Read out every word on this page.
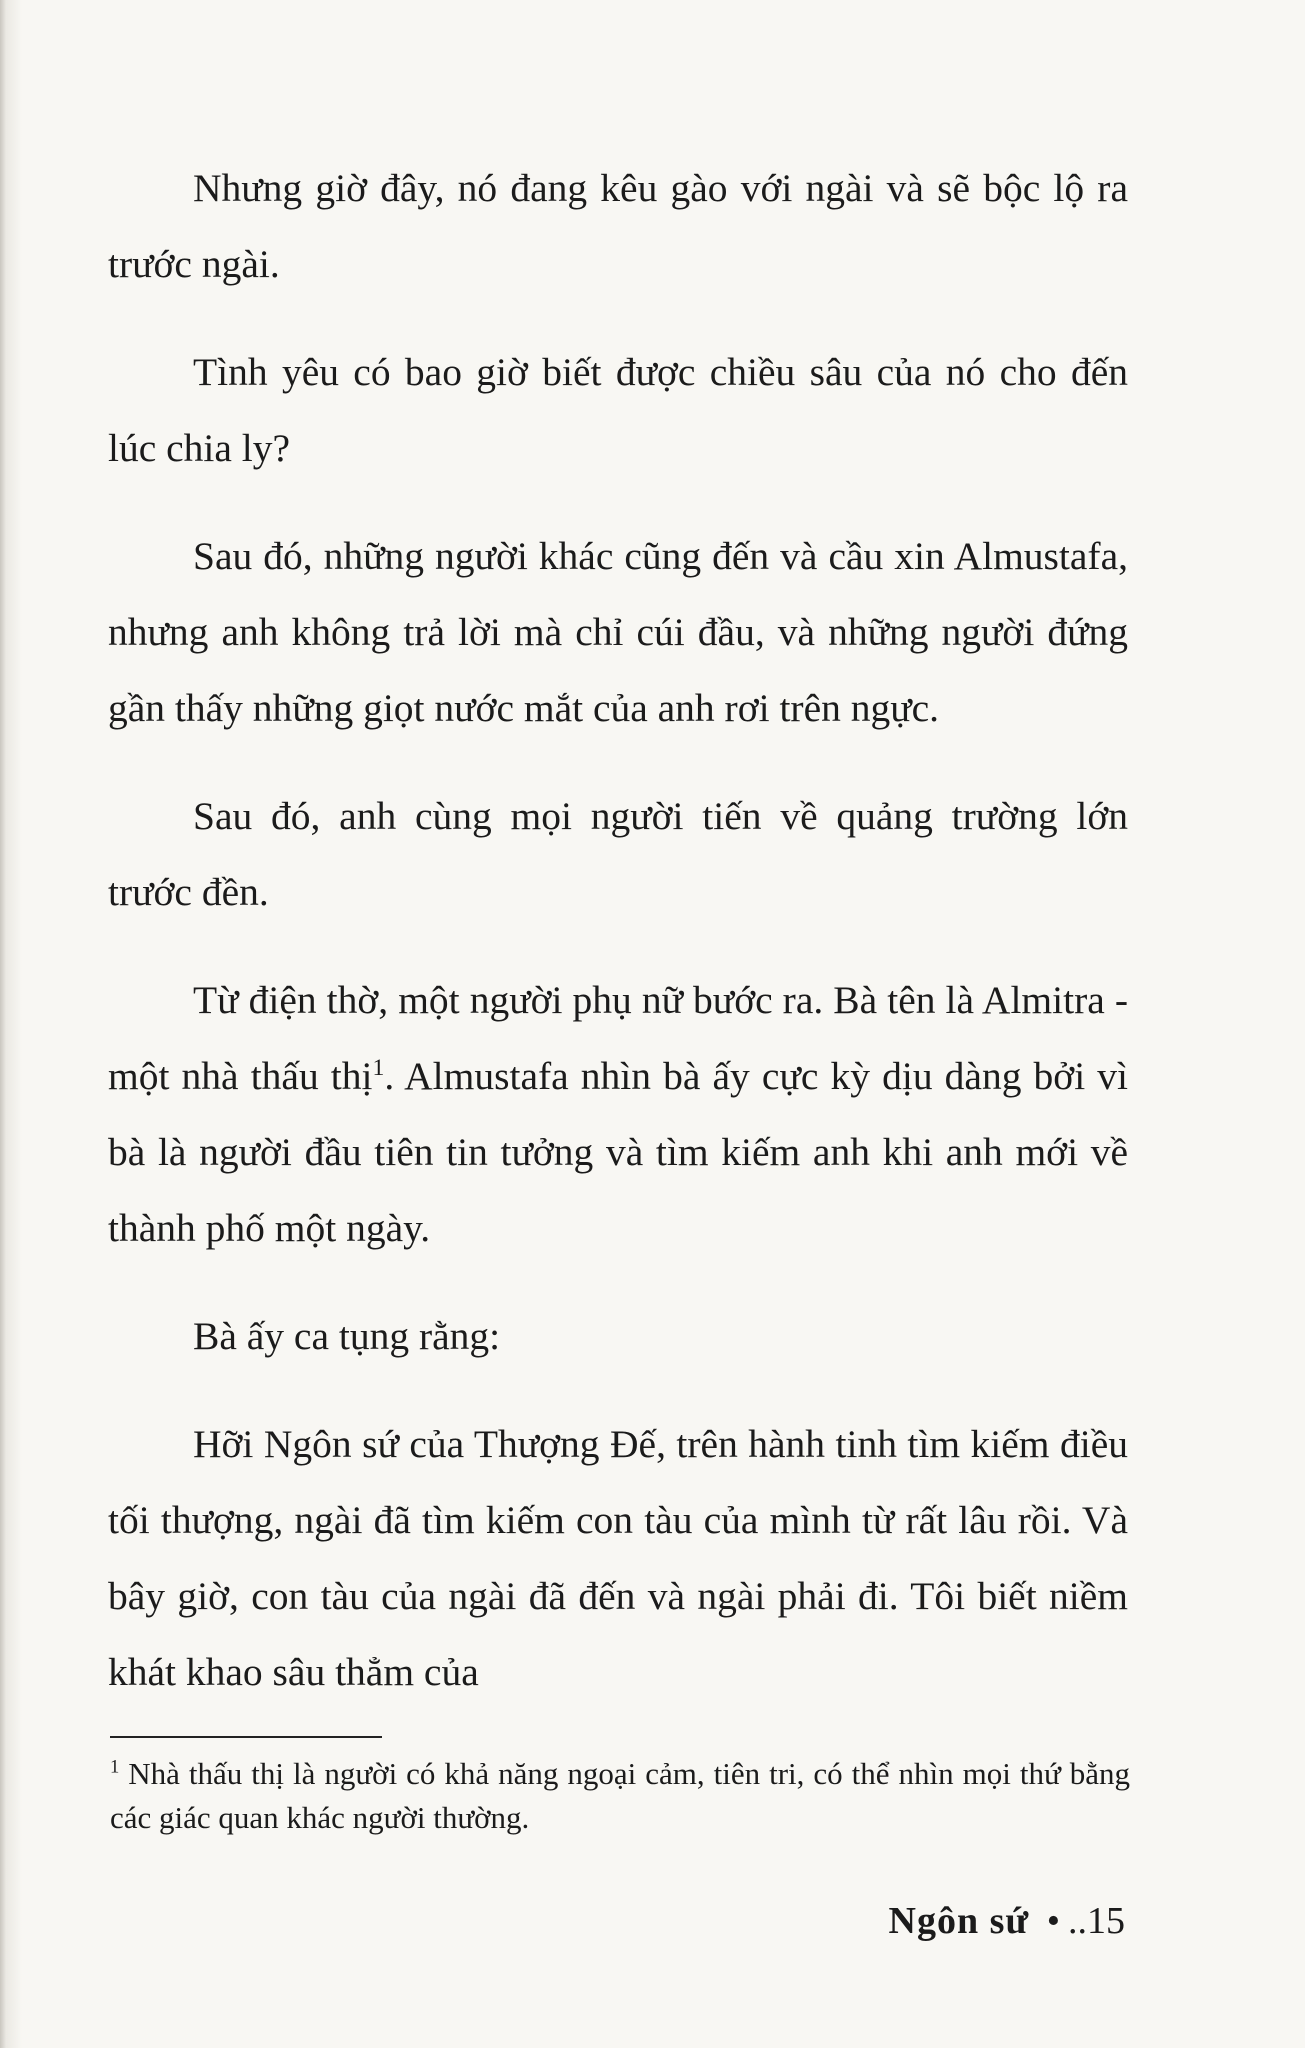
Nhưng giờ đây, nó đang kêu gào với ngài và sẽ bộc lộ ra trước ngài.

Tình yêu có bao giờ biết được chiều sâu của nó cho đến lúc chia ly?

Sau đó, những người khác cũng đến và cầu xin Almustafa, nhưng anh không trả lời mà chỉ cúi đầu, và những người đứng gần thấy những giọt nước mắt của anh rơi trên ngực.

Sau đó, anh cùng mọi người tiến về quảng trường lớn trước đền.

Từ điện thờ, một người phụ nữ bước ra. Bà tên là Almitra - một nhà thấu thị$^1$. Almustafa nhìn bà ấy cực kỳ dịu dàng bởi vì bà là người đầu tiên tin tưởng và tìm kiếm anh khi anh mới về thành phố một ngày.

Bà ấy ca tụng rằng:

Hỡi Ngôn sứ của Thượng Đế, trên hành tinh tìm kiếm điều tối thượng, ngài đã tìm kiếm con tàu của mình từ rất lâu rồi. Và bây giờ, con tàu của ngài đã đến và ngài phải đi. Tôi biết niềm khát khao sâu thẳm của

$^1$ Nhà thấu thị là người có khả năng ngoại cảm, tiên tri, có thể nhìn mọi thứ bằng các giác quan khác người thường.
Ngôn sứ • ..15
